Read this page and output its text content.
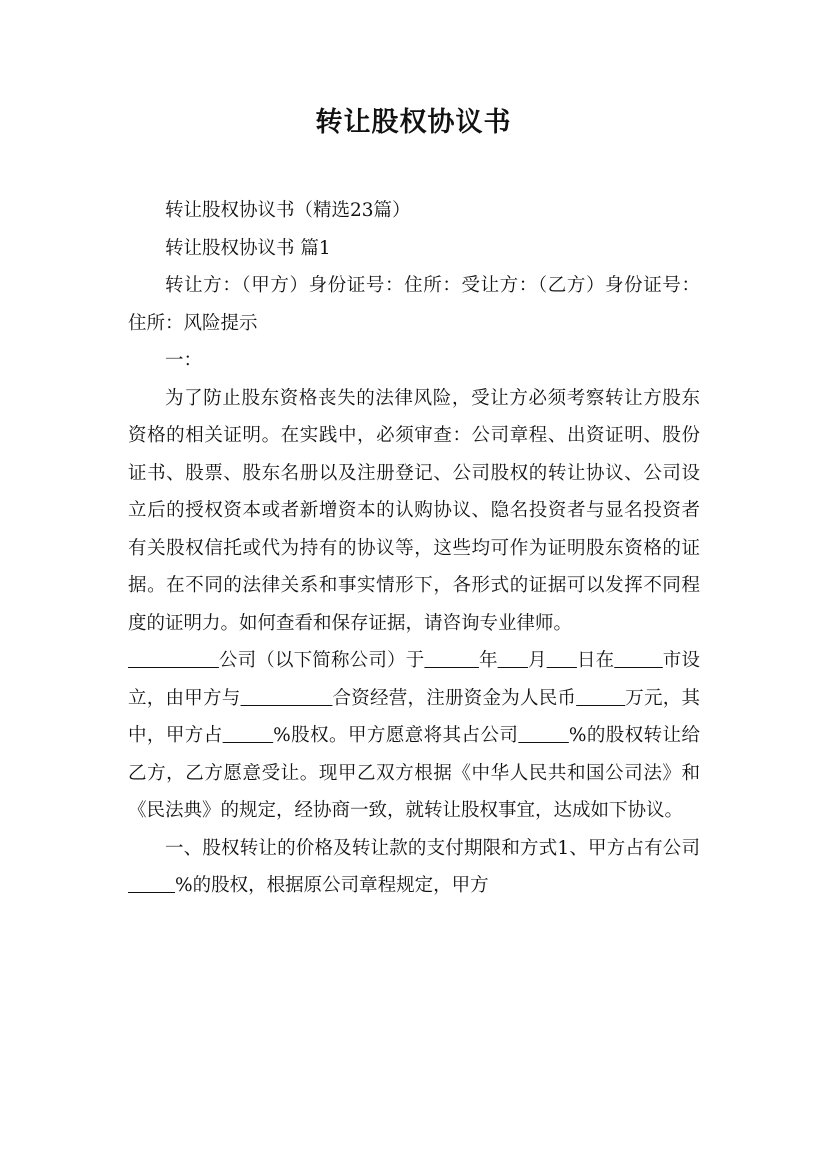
转让股权协议书

转让股权协议书（精选23篇）

转让股权协议书 篇1

转让方：（甲方）身份证号：住所：受让方：（乙方）身份证号：住所：风险提示

一：

为了防止股东资格丧失的法律风险，受让方必须考察转让方股东资格的相关证明。在实践中，必须审查：公司章程、出资证明、股份证书、股票、股东名册以及注册登记、公司股权的转让协议、公司设立后的授权资本或者新增资本的认购协议、隐名投资者与显名投资者有关股权信托或代为持有的协议等，这些均可作为证明股东资格的证据。在不同的法律关系和事实情形下，各形式的证据可以发挥不同程度的证明力。如何查看和保存证据，请咨询专业律师。

公司（以下简称公司）于	年 月 日在	市设立，由甲方与	合资经营，注册资金为人民币	万元，其中，甲方占	%股权。甲方愿意将其占公司	%的股权转让给乙方，乙方愿意受让。现甲乙双方根据《中华人民共和国公司法》和《民法典》的规定，经协商一致，就转让股权事宜，达成如下协议。

一、股权转让的价格及转让款的支付期限和方式1、甲方占有公司        %的股权，根据原公司章程规定，甲方
